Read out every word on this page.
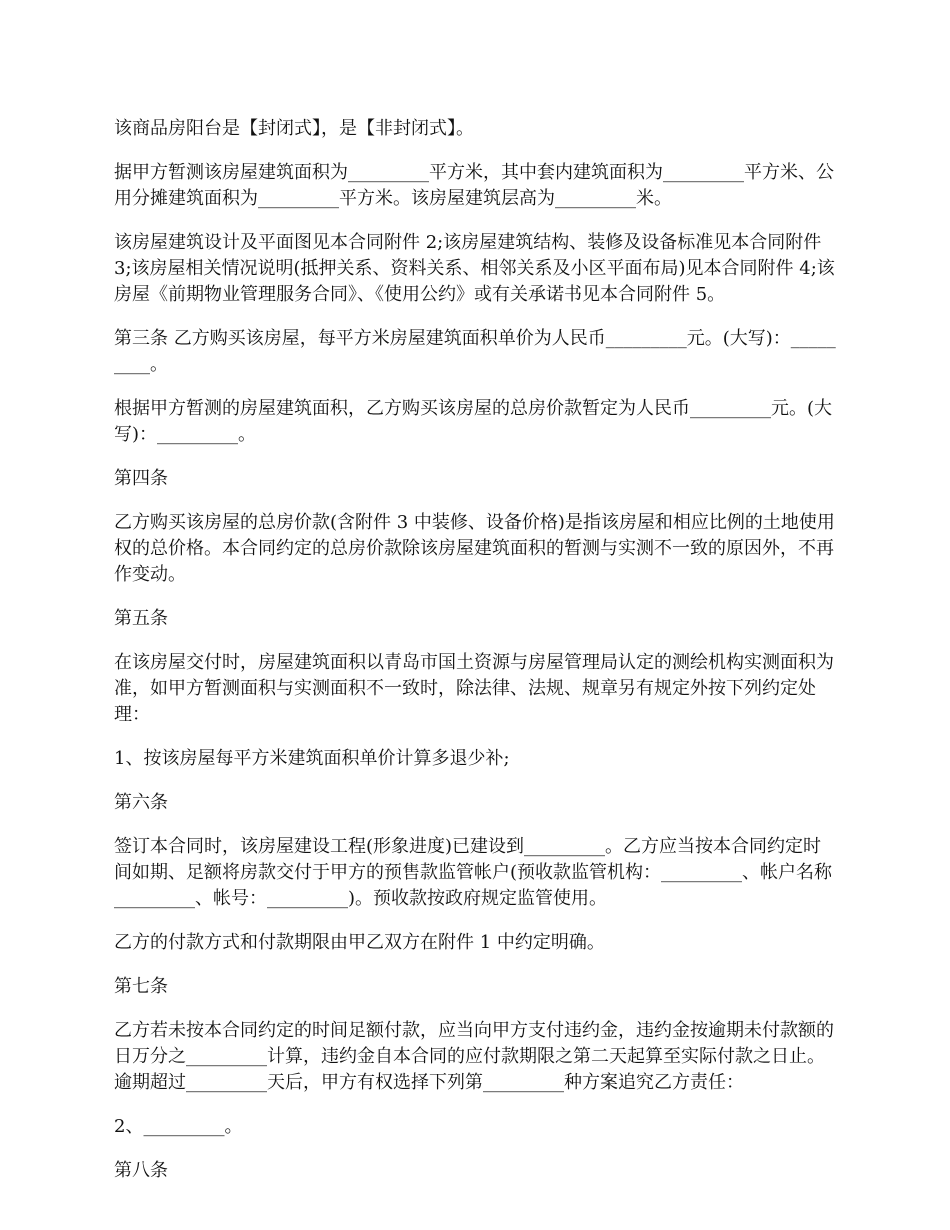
该商品房阳台是【封闭式】，是【非封闭式】。

据甲方暂测该房屋建筑面积为_________平方米，其中套内建筑面积为_________平方米、公用分摊建筑面积为_________平方米。该房屋建筑层高为_________米。

该房屋建筑设计及平面图见本合同附件 2;该房屋建筑结构、装修及设备标准见本合同附件 3;该房屋相关情况说明(抵押关系、资料关系、相邻关系及小区平面布局)见本合同附件 4;该房屋《前期物业管理服务合同》、《使用公约》或有关承诺书见本合同附件 5。

第三条 乙方购买该房屋，每平方米房屋建筑面积单价为人民币_________元。(大写)：_________。

根据甲方暂测的房屋建筑面积，乙方购买该房屋的总房价款暂定为人民币_________元。(大写)：_________。

第四条

乙方购买该房屋的总房价款(含附件 3 中装修、设备价格)是指该房屋和相应比例的土地使用权的总价格。本合同约定的总房价款除该房屋建筑面积的暂测与实测不一致的原因外，不再作变动。

第五条

在该房屋交付时，房屋建筑面积以青岛市国土资源与房屋管理局认定的测绘机构实测面积为准，如甲方暂测面积与实测面积不一致时，除法律、法规、规章另有规定外按下列约定处理：

1、按该房屋每平方米建筑面积单价计算多退少补;

第六条

签订本合同时，该房屋建设工程(形象进度)已建设到_________。乙方应当按本合同约定时间如期、足额将房款交付于甲方的预售款监管帐户(预收款监管机构：_________、帐户名称_________、帐号：_________)。预收款按政府规定监管使用。

乙方的付款方式和付款期限由甲乙双方在附件 1 中约定明确。

第七条

乙方若未按本合同约定的时间足额付款，应当向甲方支付违约金，违约金按逾期未付款额的日万分之_________计算，违约金自本合同的应付款期限之第二天起算至实际付款之日止。逾期超过_________天后，甲方有权选择下列第_________种方案追究乙方责任：

2、_________。

第八条
